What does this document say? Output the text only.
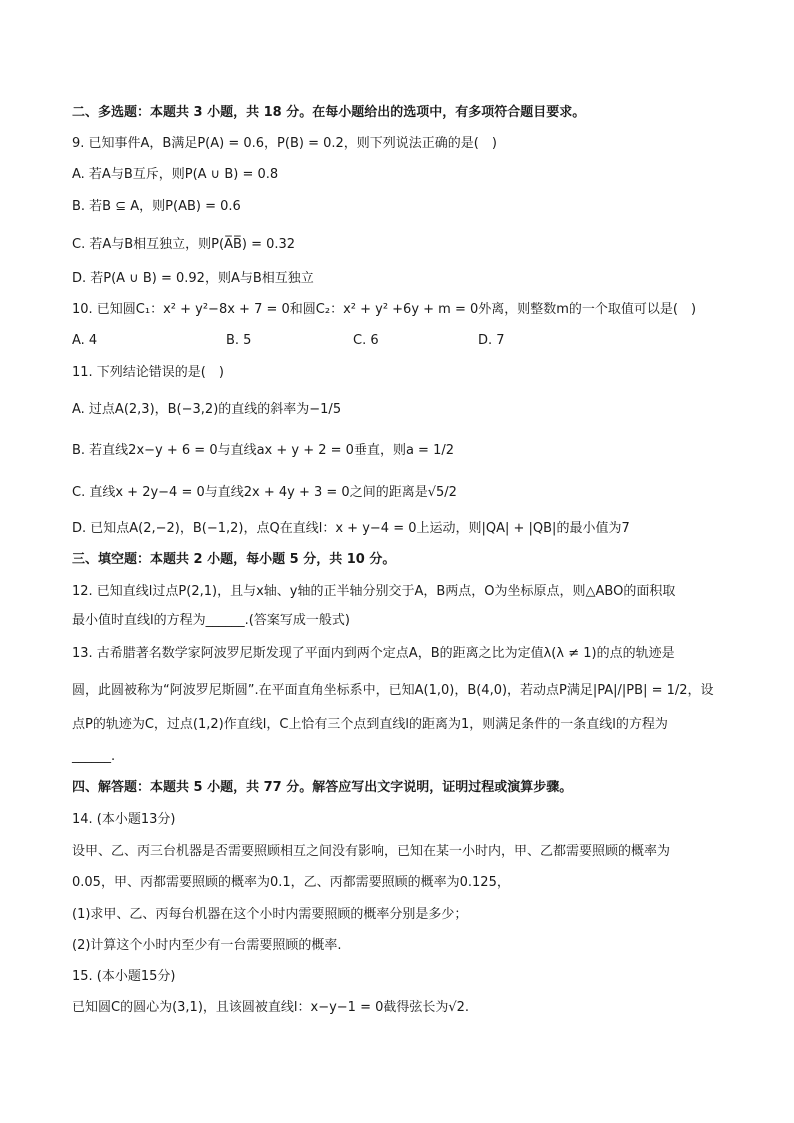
二、多选题：本题共 3 小题，共 18 分。在每小题给出的选项中，有多项符合题目要求。
9. 已知事件A，B满足P(A) = 0.6，P(B) = 0.2，则下列说法正确的是(　)
A. 若A与B互斥，则P(A ∪ B) = 0.8
B. 若B ⊆ A，则P(AB) = 0.6
C. 若A与B相互独立，则P(A̅B̅) = 0.32
D. 若P(A ∪ B) = 0.92，则A与B相互独立
10. 已知圆C₁：x² + y²−8x + 7 = 0和圆C₂：x² + y² +6y + m = 0外离，则整数m的一个取值可以是(　)
A. 4	B. 5	C. 6	D. 7
11. 下列结论错误的是(　)
A. 过点A(2,3)，B(−3,2)的直线的斜率为−1/5
B. 若直线2x−y + 6 = 0与直线ax + y + 2 = 0垂直，则a = 1/2
C. 直线x + 2y−4 = 0与直线2x + 4y + 3 = 0之间的距离是√5/2
D. 已知点A(2,−2)，B(−1,2)，点Q在直线l：x + y−4 = 0上运动，则|QA| + |QB|的最小值为7
三、填空题：本题共 2 小题，每小题 5 分，共 10 分。
12. 已知直线l过点P(2,1)，且与x轴、y轴的正半轴分别交于A，B两点，O为坐标原点，则△ABO的面积取
最小值时直线l的方程为______.(答案写成一般式)
13. 古希腊著名数学家阿波罗尼斯发现了平面内到两个定点A，B的距离之比为定值λ(λ ≠ 1)的点的轨迹是
圆，此圆被称为“阿波罗尼斯圆”.在平面直角坐标系中，已知A(1,0)，B(4,0)，若动点P满足|PA|/|PB| = 1/2，设
点P的轨迹为C，过点(1,2)作直线l，C上恰有三个点到直线l的距离为1，则满足条件的一条直线l的方程为
______.
四、解答题：本题共 5 小题，共 77 分。解答应写出文字说明，证明过程或演算步骤。
14. (本小题13分)
设甲、乙、丙三台机器是否需要照顾相互之间没有影响，已知在某一小时内，甲、乙都需要照顾的概率为
0.05，甲、丙都需要照顾的概率为0.1，乙、丙都需要照顾的概率为0.125，
(1)求甲、乙、丙每台机器在这个小时内需要照顾的概率分别是多少；
(2)计算这个小时内至少有一台需要照顾的概率.
15. (本小题15分)
已知圆C的圆心为(3,1)，且该圆被直线l：x−y−1 = 0截得弦长为√2.
